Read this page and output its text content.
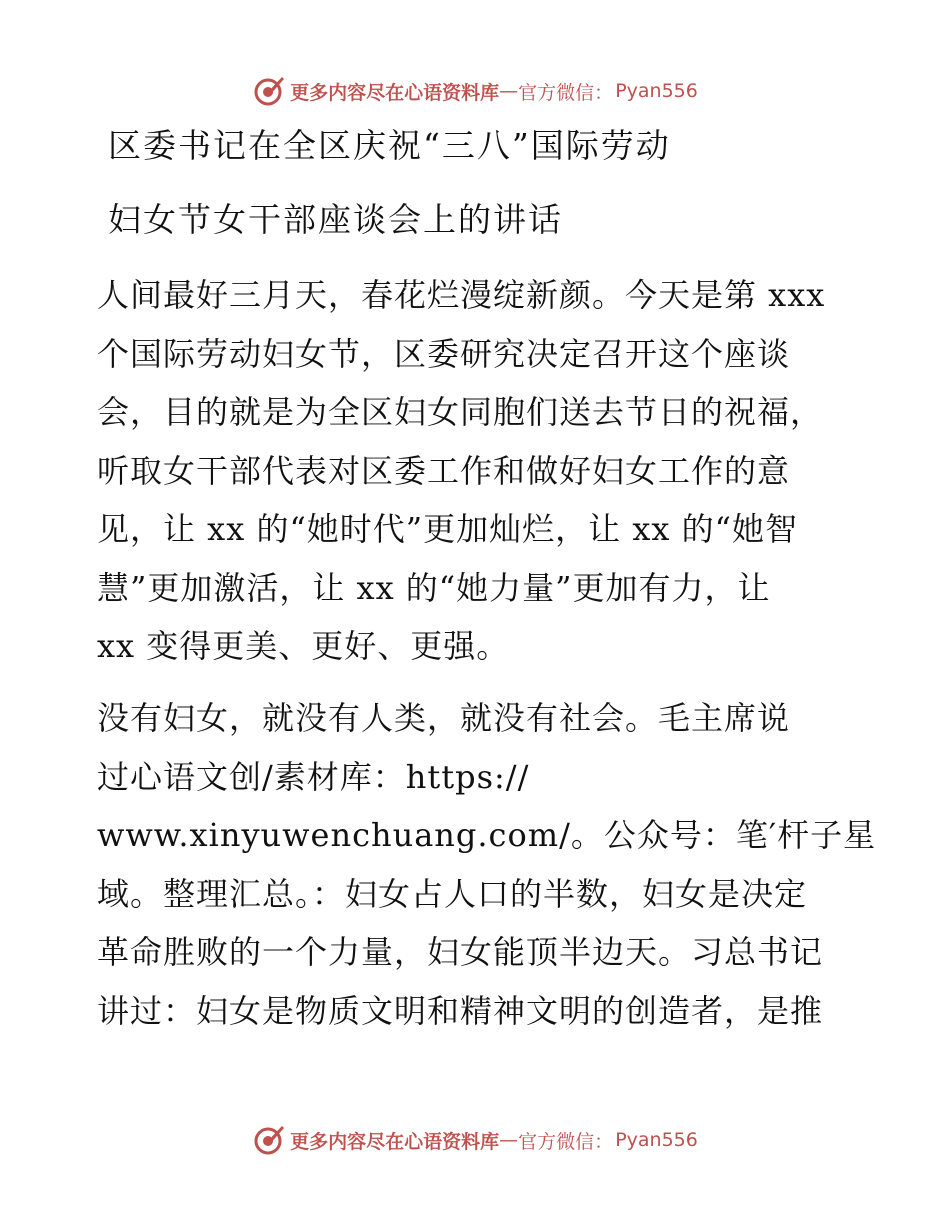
更多内容尽在心语资料库 — 官方微信： Pyan556
区委书记在全区庆祝“三八”国际劳动
妇女节女干部座谈会上的讲话
人间最好三月天，春花烂漫绽新颜。今天是第 xxx
个国际劳动妇女节，区委研究决定召开这个座谈
会，目的就是为全区妇女同胞们送去节日的祝福，
听取女干部代表对区委工作和做好妇女工作的意
见，让 xx 的“她时代”更加灿烂，让 xx 的“她智
慧”更加激活，让 xx 的“她力量”更加有力，让
xx 变得更美、更好、更强。
没有妇女，就没有人类，就没有社会。毛主席说
过心语文创/素材库：https://
www.xinyuwenchuang.com/。公众号：笔′杆子星
域。整理汇总。：妇女占人口的半数，妇女是决定
革命胜败的一个力量，妇女能顶半边天。习总书记
讲过：妇女是物质文明和精神文明的创造者，是推
更多内容尽在心语资料库 — 官方微信： Pyan556
